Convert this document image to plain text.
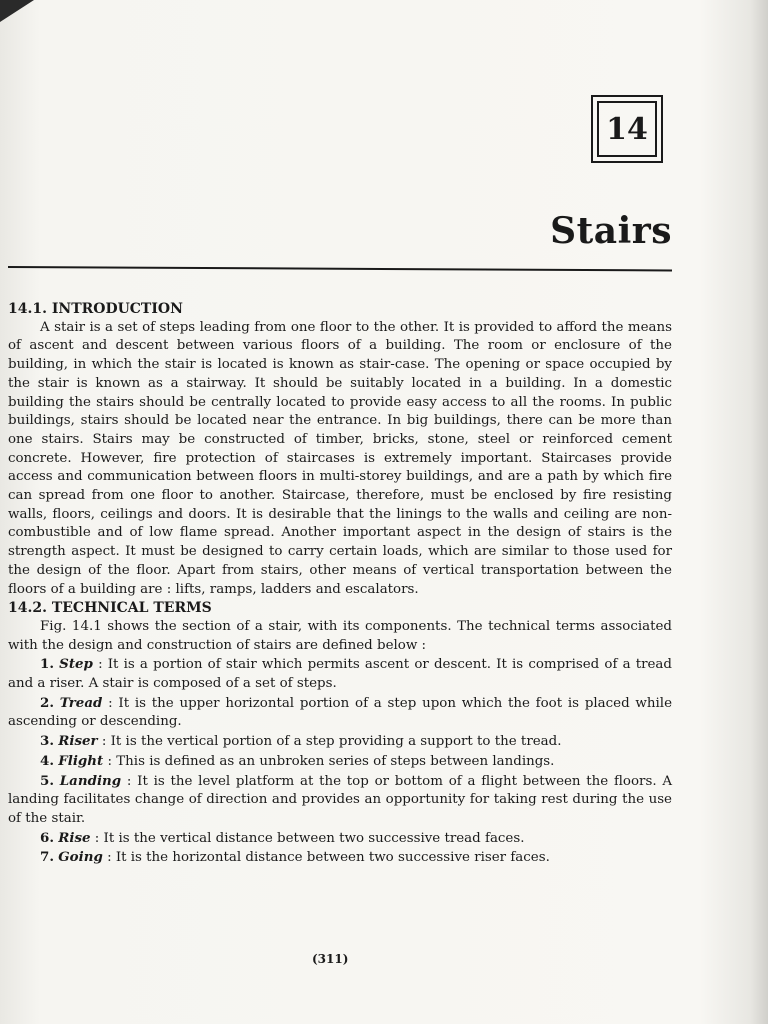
14
Stairs

14.1. INTRODUCTION

A stair is a set of steps leading from one floor to the other. It is provided to afford the means of ascent and descent between various floors of a building. The room or enclosure of the building, in which the stair is located is known as stair-case. The opening or space occupied by the stair is known as a stairway. It should be suitably located in a building. In a domestic building the stairs should be centrally located to provide easy access to all the rooms. In public buildings, stairs should be located near the entrance. In big buildings, there can be more than one stairs. Stairs may be constructed of timber, bricks, stone, steel or reinforced cement concrete. However, fire protection of staircases is extremely important. Staircases provide access and communication between floors in multi-storey buildings, and are a path by which fire can spread from one floor to another. Staircase, therefore, must be enclosed by fire resisting walls, floors, ceilings and doors. It is desirable that the linings to the walls and ceiling are non-combustible and of low flame spread. Another important aspect in the design of stairs is the strength aspect. It must be designed to carry certain loads, which are similar to those used for the design of the floor. Apart from stairs, other means of vertical transportation between the floors of a building are : lifts, ramps, ladders and escalators.

14.2. TECHNICAL TERMS

Fig. 14.1 shows the section of a stair, with its components. The technical terms associated with the design and construction of stairs are defined below :

1. Step : It is a portion of stair which permits ascent or descent. It is comprised of a tread and a riser. A stair is composed of a set of steps.

2. Tread : It is the upper horizontal portion of a step upon which the foot is placed while ascending or descending.

3. Riser : It is the vertical portion of a step providing a support to the tread.

4. Flight : This is defined as an unbroken series of steps between landings.

5. Landing : It is the level platform at the top or bottom of a flight between the floors. A landing facilitates change of direction and provides an opportunity for taking rest during the use of the stair.

6. Rise : It is the vertical distance between two successive tread faces.

7. Going : It is the horizontal distance between two successive riser faces.

(311)
